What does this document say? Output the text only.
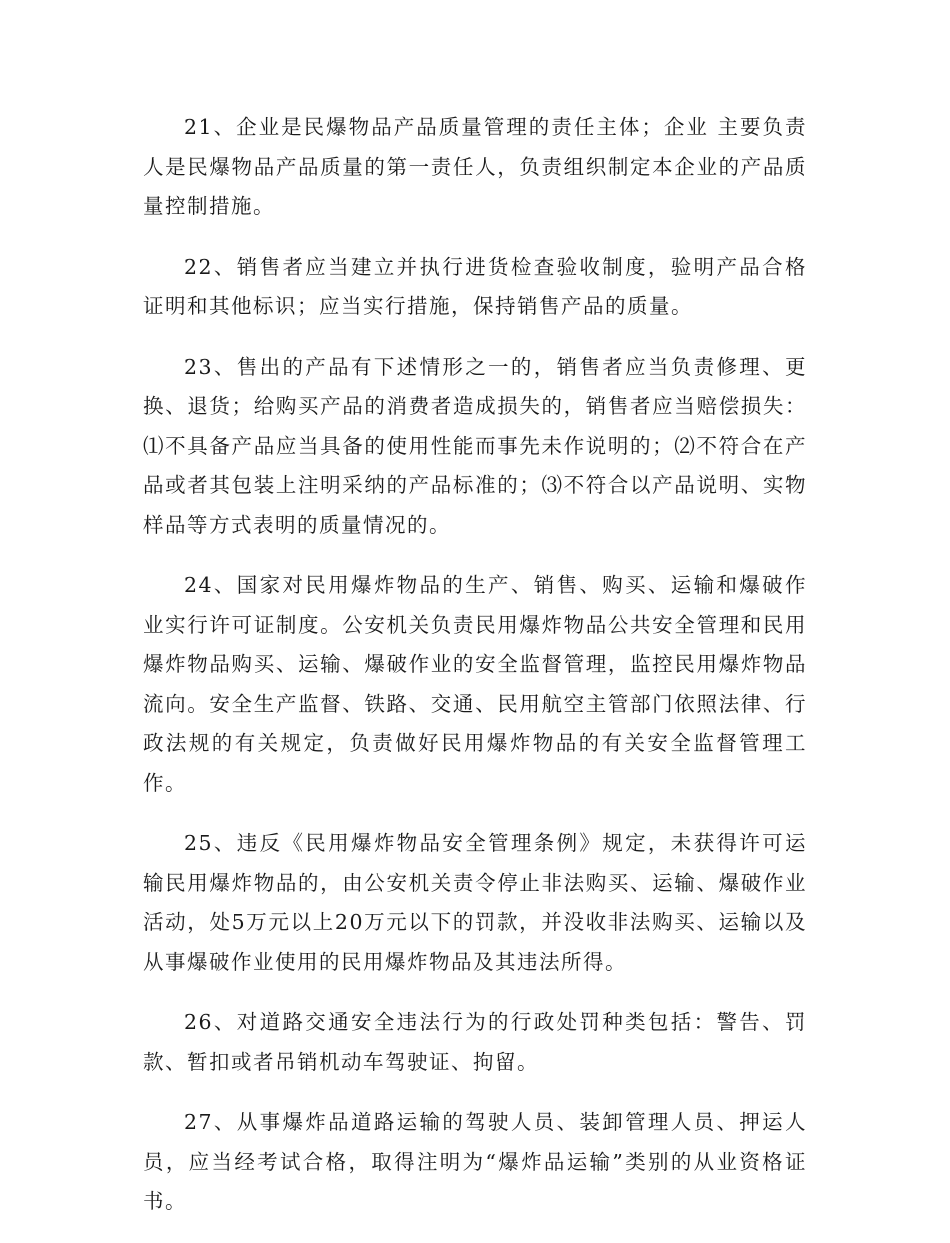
21、企业是民爆物品产品质量管理的责任主体；企业 主要负责人是民爆物品产品质量的第一责任人，负责组织制定本企业的产品质量控制措施。

22、销售者应当建立并执行进货检查验收制度，验明产品合格证明和其他标识；应当实行措施，保持销售产品的质量。

23、售出的产品有下述情形之一的，销售者应当负责修理、更换、退货；给购买产品的消费者造成损失的，销售者应当赔偿损失：⑴不具备产品应当具备的使用性能而事先未作说明的；⑵不符合在产品或者其包装上注明采纳的产品标准的；⑶不符合以产品说明、实物样品等方式表明的质量情况的。

24、国家对民用爆炸物品的生产、销售、购买、运输和爆破作业实行许可证制度。公安机关负责民用爆炸物品公共安全管理和民用爆炸物品购买、运输、爆破作业的安全监督管理，监控民用爆炸物品流向。安全生产监督、铁路、交通、民用航空主管部门依照法律、行政法规的有关规定，负责做好民用爆炸物品的有关安全监督管理工作。

25、违反《民用爆炸物品安全管理条例》规定，未获得许可运输民用爆炸物品的，由公安机关责令停止非法购买、运输、爆破作业活动，处5万元以上20万元以下的罚款，并没收非法购买、运输以及从事爆破作业使用的民用爆炸物品及其违法所得。

26、对道路交通安全违法行为的行政处罚种类包括：警告、罚款、暂扣或者吊销机动车驾驶证、拘留。

27、从事爆炸品道路运输的驾驶人员、装卸管理人员、押运人员，应当经考试合格，取得注明为“爆炸品运输”类别的从业资格证书。
